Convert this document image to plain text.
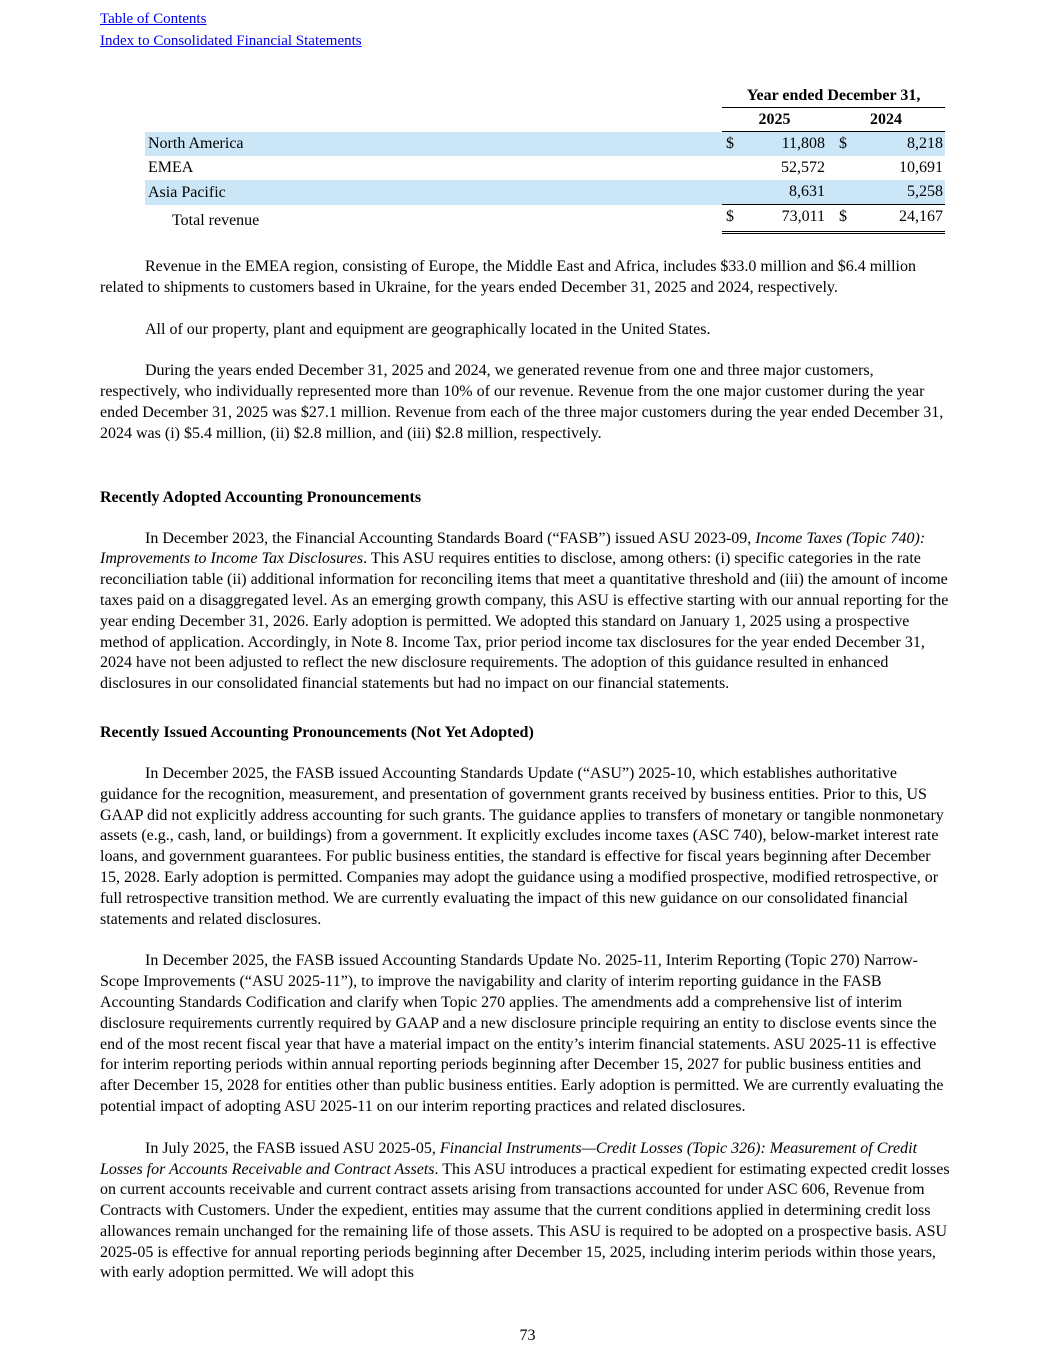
Table of Contents
Index to Consolidated Financial Statements
	Year ended December 31,			
	2025		2024	
North America	$	11,808	$	8,218
EMEA		52,572		10,691
Asia Pacific		8,631		5,258
Total revenue	$	73,011	$	24,167

Revenue in the EMEA region, consisting of Europe, the Middle East and Africa, includes $33.0 million and $6.4 million related to shipments to customers based in Ukraine, for the years ended December 31, 2025 and 2024, respectively.

All of our property, plant and equipment are geographically located in the United States.

During the years ended December 31, 2025 and 2024, we generated revenue from one and three major customers, respectively, who individually represented more than 10% of our revenue. Revenue from the one major customer during the year ended December 31, 2025 was $27.1 million. Revenue from each of the three major customers during the year ended December 31, 2024 was (i) $5.4 million, (ii) $2.8 million, and (iii) $2.8 million, respectively.

Recently Adopted Accounting Pronouncements

In December 2023, the Financial Accounting Standards Board (“FASB”) issued ASU 2023-09, Income Taxes (Topic 740): Improvements to Income Tax Disclosures. This ASU requires entities to disclose, among others: (i) specific categories in the rate reconciliation table (ii) additional information for reconciling items that meet a quantitative threshold and (iii) the amount of income taxes paid on a disaggregated level. As an emerging growth company, this ASU is effective starting with our annual reporting for the year ending December 31, 2026. Early adoption is permitted. We adopted this standard on January 1, 2025 using a prospective method of application. Accordingly, in Note 8. Income Tax, prior period income tax disclosures for the year ended December 31, 2024 have not been adjusted to reflect the new disclosure requirements. The adoption of this guidance resulted in enhanced disclosures in our consolidated financial statements but had no impact on our financial statements.

Recently Issued Accounting Pronouncements (Not Yet Adopted)

In December 2025, the FASB issued Accounting Standards Update (“ASU”) 2025-10, which establishes authoritative guidance for the recognition, measurement, and presentation of government grants received by business entities. Prior to this, US GAAP did not explicitly address accounting for such grants. The guidance applies to transfers of monetary or tangible nonmonetary assets (e.g., cash, land, or buildings) from a government. It explicitly excludes income taxes (ASC 740), below-market interest rate loans, and government guarantees. For public business entities, the standard is effective for fiscal years beginning after December 15, 2028. Early adoption is permitted. Companies may adopt the guidance using a modified prospective, modified retrospective, or full retrospective transition method. We are currently evaluating the impact of this new guidance on our consolidated financial statements and related disclosures.

In December 2025, the FASB issued Accounting Standards Update No. 2025-11, Interim Reporting (Topic 270) Narrow-Scope Improvements (“ASU 2025-11”), to improve the navigability and clarity of interim reporting guidance in the FASB Accounting Standards Codification and clarify when Topic 270 applies. The amendments add a comprehensive list of interim disclosure requirements currently required by GAAP and a new disclosure principle requiring an entity to disclose events since the end of the most recent fiscal year that have a material impact on the entity’s interim financial statements. ASU 2025-11 is effective for interim reporting periods within annual reporting periods beginning after December 15, 2027 for public business entities and after December 15, 2028 for entities other than public business entities. Early adoption is permitted. We are currently evaluating the potential impact of adopting ASU 2025-11 on our interim reporting practices and related disclosures.

In July 2025, the FASB issued ASU 2025-05, Financial Instruments—Credit Losses (Topic 326): Measurement of Credit Losses for Accounts Receivable and Contract Assets. This ASU introduces a practical expedient for estimating expected credit losses on current accounts receivable and current contract assets arising from transactions accounted for under ASC 606, Revenue from Contracts with Customers. Under the expedient, entities may assume that the current conditions applied in determining credit loss allowances remain unchanged for the remaining life of those assets. This ASU is required to be adopted on a prospective basis. ASU 2025-05 is effective for annual reporting periods beginning after December 15, 2025, including interim periods within those years, with early adoption permitted. We will adopt this

73
